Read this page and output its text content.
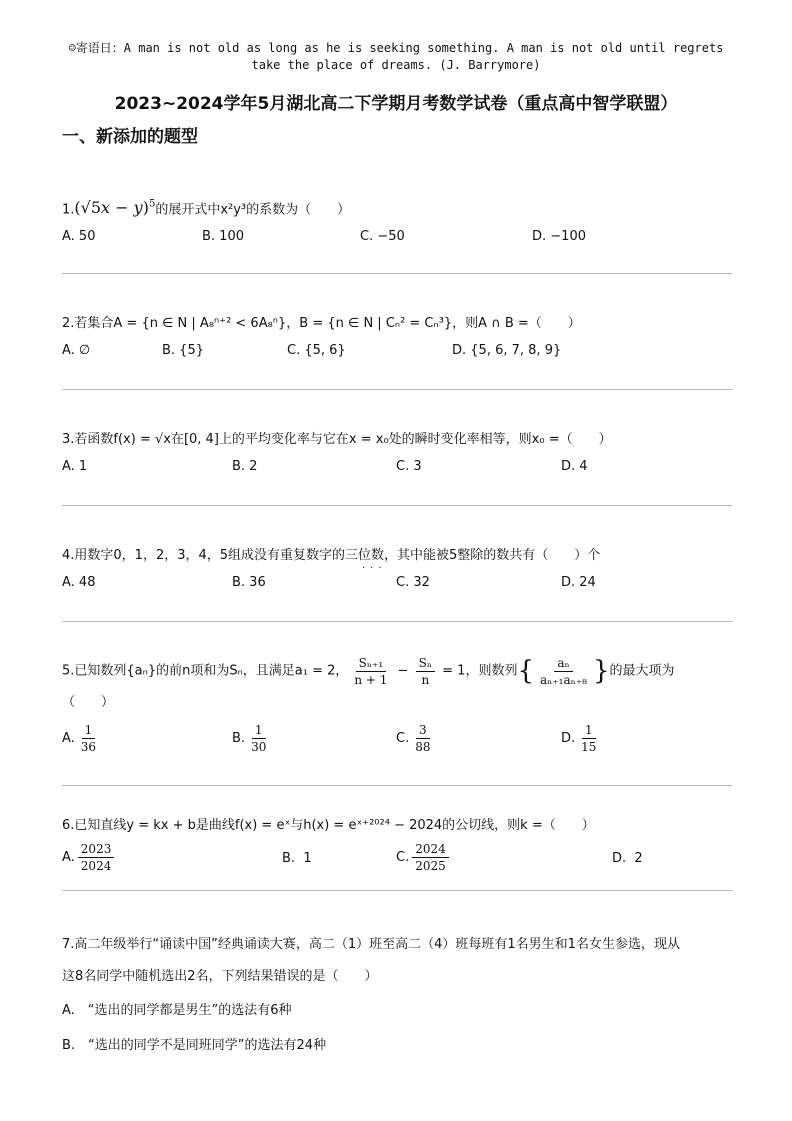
☺寄语日：A man is not old as long as he is seeking something. A man is not old until regrets
take the place of dreams. (J. Barrymore)
2023~2024学年5月湖北高二下学期月考数学试卷（重点高中智学联盟）
一、新添加的题型
$1.(√5x - y)^5$的展开式中x²y³的系数为（　　）
A. 50	B. 100	C. −50	D. −100
2.若集合A = {n ∈ N | A₈ⁿ⁺² < 6A₈ⁿ}，B = {n ∈ N | Cₙ² = Cₙ³}，则A ∩ B =（　　）
A. ∅	B. {5}	C. {5, 6}	D. {5, 6, 7, 8, 9}
3.若函数f(x) = √x在[0, 4]上的平均变化率与它在x = x₀处的瞬时变化率相等，则x₀ =（　　）
A. 1	B. 2	C. 3	D. 4
4.用数字0，1，2，3，4，5组成没有重复数字的三位数，其中能被5整除的数共有（　　）个
A. 48	B. 36	C. 32	D. 24
···
5.已知数列{aₙ}的前n项和为Sₙ，且满足a₁ = 2， $\frac{\text{Sₙ₊₁}}{n + 1} - \frac{\text{Sₙ}}{n} = 1$，则数列{ $\frac{\text{aₙ}}{\text{aₙ₊₁aₙ₊₈}}$ }的最大项为
（　　）
A. $\frac{1}{36}$	B. $\frac{1}{30}$	C. $\frac{3}{88}$	D. $\frac{1}{15}$
6.已知直线y = kx + b是曲线f(x) = eˣ与h(x) = eˣ⁺²⁰²⁴ − 2024的公切线，则k =（　　）
A. $\frac{2023}{2024}$	B. 1	C. $\frac{2024}{2025}$	D. 2
7.高二年级举行“诵读中国”经典诵读大赛，高二（1）班至高二（4）班每班有1名男生和1名女生参选，现从
这8名同学中随机选出2名，下列结果错误的是（　　）
A.　“选出的同学都是男生”的选法有6种
B.　“选出的同学不是同班同学”的选法有24种
